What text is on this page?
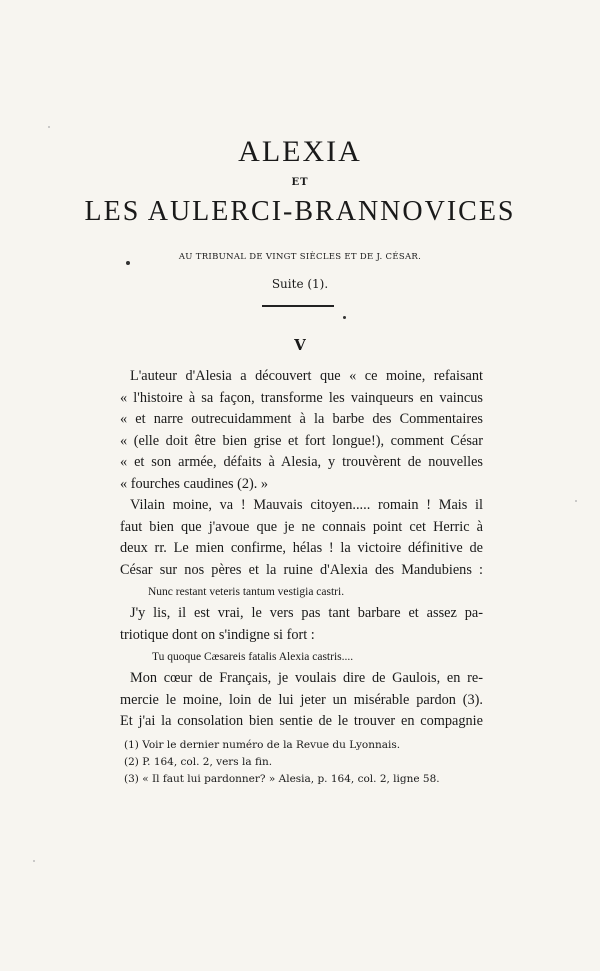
ALEXIA
ET
LES AULERCI-BRANNOVICES
AU TRIBUNAL DE VINGT SIÈCLES ET DE J. CÉSAR.
Suite (1).
V
L'auteur d'Alesia a découvert que « ce moine, refaisant
« l'histoire à sa façon, transforme les vainqueurs en vaincus
« et narre outrecuidamment à la barbe des Commentaires
« (elle doit être bien grise et fort longue!), comment César
« et son armée, défaits à Alesia, y trouvèrent de nouvelles
« fourches caudines (2). »
Vilain moine, va ! Mauvais citoyen..... romain ! Mais il
faut bien que j'avoue que je ne connais point cet Herric à
deux rr. Le mien confirme, hélas ! la victoire définitive de
César sur nos pères et la ruine d'Alexia des Mandubiens :
Nunc restant veteris tantum vestigia castri.
J'y lis, il est vrai, le vers pas tant barbare et assez pa-
triotique dont on s'indigne si fort :
Tu quoque Cæsareis fatalis Alexia castris....
Mon cœur de Français, je voulais dire de Gaulois, en re-
mercie le moine, loin de lui jeter un misérable pardon (3).
Et j'ai la consolation bien sentie de le trouver en compagnie
(1) Voir le dernier numéro de la Revue du Lyonnais.
(2) P. 164, col. 2, vers la fin.
(3) « Il faut lui pardonner? » Alesia, p. 164, col. 2, ligne 58.
